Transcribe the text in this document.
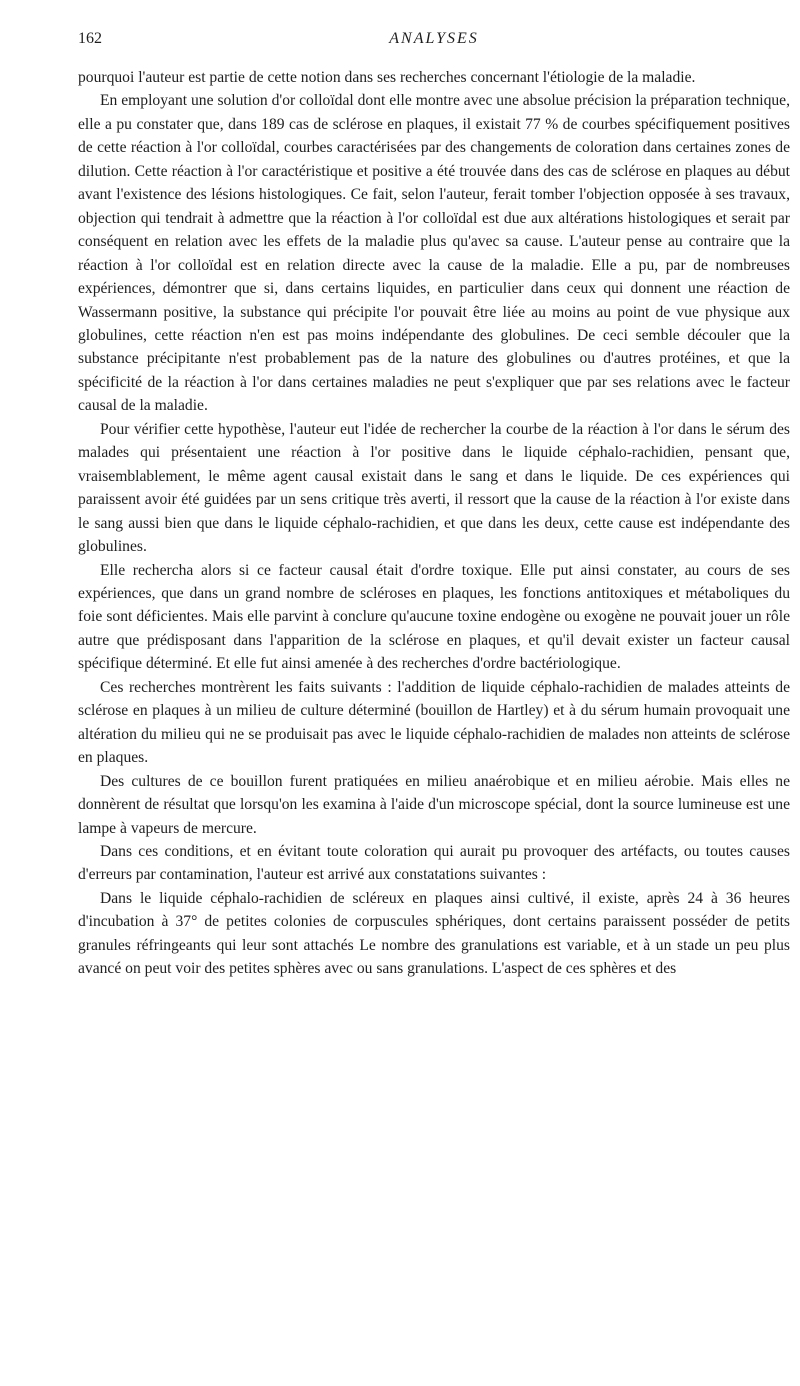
162	ANALYSES

pourquoi l'auteur est partie de cette notion dans ses recherches concernant l'étiologie de la maladie.

En employant une solution d'or colloïdal dont elle montre avec une absolue précision la préparation technique, elle a pu constater que, dans 189 cas de sclérose en plaques, il existait 77 % de courbes spécifiquement positives de cette réaction à l'or colloïdal, courbes caractérisées par des changements de coloration dans certaines zones de dilution. Cette réaction à l'or caractéristique et positive a été trouvée dans des cas de sclérose en plaques au début avant l'existence des lésions histologiques. Ce fait, selon l'auteur, ferait tomber l'objection opposée à ses travaux, objection qui tendrait à admettre que la réaction à l'or colloïdal est due aux altérations histologiques et serait par conséquent en relation avec les effets de la maladie plus qu'avec sa cause. L'auteur pense au contraire que la réaction à l'or colloïdal est en relation directe avec la cause de la maladie. Elle a pu, par de nombreuses expériences, démontrer que si, dans certains liquides, en particulier dans ceux qui donnent une réaction de Wassermann positive, la substance qui précipite l'or pouvait être liée au moins au point de vue physique aux globulines, cette réaction n'en est pas moins indépendante des globulines. De ceci semble découler que la substance précipitante n'est probablement pas de la nature des globulines ou d'autres protéines, et que la spécificité de la réaction à l'or dans certaines maladies ne peut s'expliquer que par ses relations avec le facteur causal de la maladie.

Pour vérifier cette hypothèse, l'auteur eut l'idée de rechercher la courbe de la réaction à l'or dans le sérum des malades qui présentaient une réaction à l'or positive dans le liquide céphalo-rachidien, pensant que, vraisemblablement, le même agent causal existait dans le sang et dans le liquide. De ces expériences qui paraissent avoir été guidées par un sens critique très averti, il ressort que la cause de la réaction à l'or existe dans le sang aussi bien que dans le liquide céphalo-rachidien, et que dans les deux, cette cause est indépendante des globulines.

Elle rechercha alors si ce facteur causal était d'ordre toxique. Elle put ainsi constater, au cours de ses expériences, que dans un grand nombre de scléroses en plaques, les fonctions antitoxiques et métaboliques du foie sont déficientes. Mais elle parvint à conclure qu'aucune toxine endogène ou exogène ne pouvait jouer un rôle autre que prédisposant dans l'apparition de la sclérose en plaques, et qu'il devait exister un facteur causal spécifique déterminé. Et elle fut ainsi amenée à des recherches d'ordre bactériologique.

Ces recherches montrèrent les faits suivants : l'addition de liquide céphalo-rachidien de malades atteints de sclérose en plaques à un milieu de culture déterminé (bouillon de Hartley) et à du sérum humain provoquait une altération du milieu qui ne se produisait pas avec le liquide céphalo-rachidien de malades non atteints de sclérose en plaques.

Des cultures de ce bouillon furent pratiquées en milieu anaérobique et en milieu aérobie. Mais elles ne donnèrent de résultat que lorsqu'on les examina à l'aide d'un microscope spécial, dont la source lumineuse est une lampe à vapeurs de mercure.

Dans ces conditions, et en évitant toute coloration qui aurait pu provoquer des artéfacts, ou toutes causes d'erreurs par contamination, l'auteur est arrivé aux constatations suivantes :

Dans le liquide céphalo-rachidien de scléreux en plaques ainsi cultivé, il existe, après 24 à 36 heures d'incubation à 37° de petites colonies de corpuscules sphériques, dont certains paraissent posséder de petits granules réfringeants qui leur sont attachés Le nombre des granulations est variable, et à un stade un peu plus avancé on peut voir des petites sphères avec ou sans granulations. L'aspect de ces sphères et des
